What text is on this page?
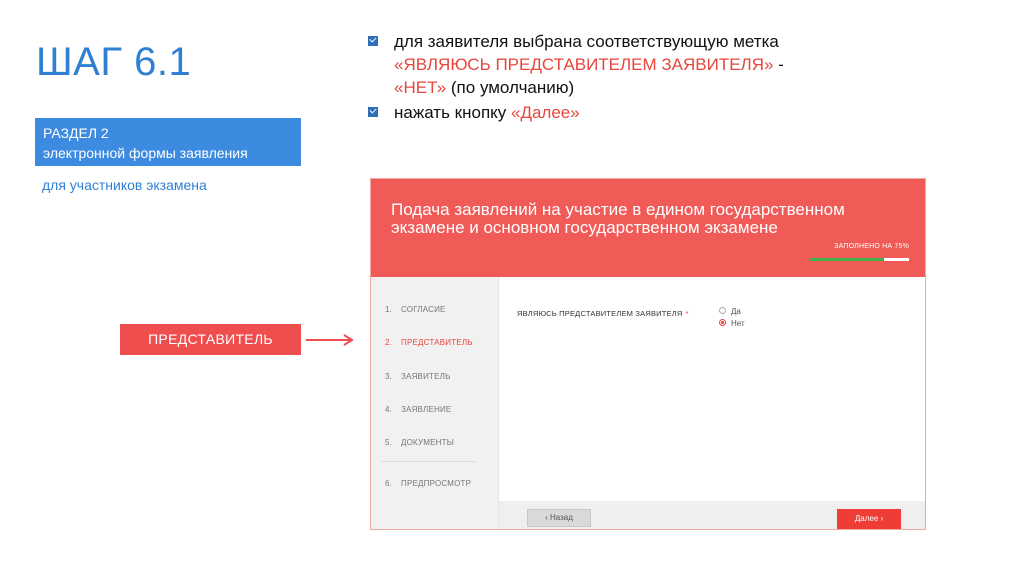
ШАГ 6.1
РАЗДЕЛ 2
электронной формы заявления
для участников экзамена
для заявителя выбрана соответствующую метка
«ЯВЛЯЮСЬ ПРЕДСТАВИТЕЛЕМ ЗАЯВИТЕЛЯ» -
«НЕТ» (по умолчанию)
нажать кнопку «Далее»
ПРЕДСТАВИТЕЛЬ
Подача заявлений на участие в едином государственном экзамене и основном государственном экзамене
ЗАПОЛНЕНО НА 75%
1. СОГЛАСИЕ
2. ПРЕДСТАВИТЕЛЬ
3. ЗАЯВИТЕЛЬ
4. ЗАЯВЛЕНИЕ
5. ДОКУМЕНТЫ
6. ПРЕДПРОСМОТР
ЯВЛЯЮСЬ ПРЕДСТАВИТЕЛЕМ ЗАЯВИТЕЛЯ *	Да
Нет
‹ Назад	Далее ›
